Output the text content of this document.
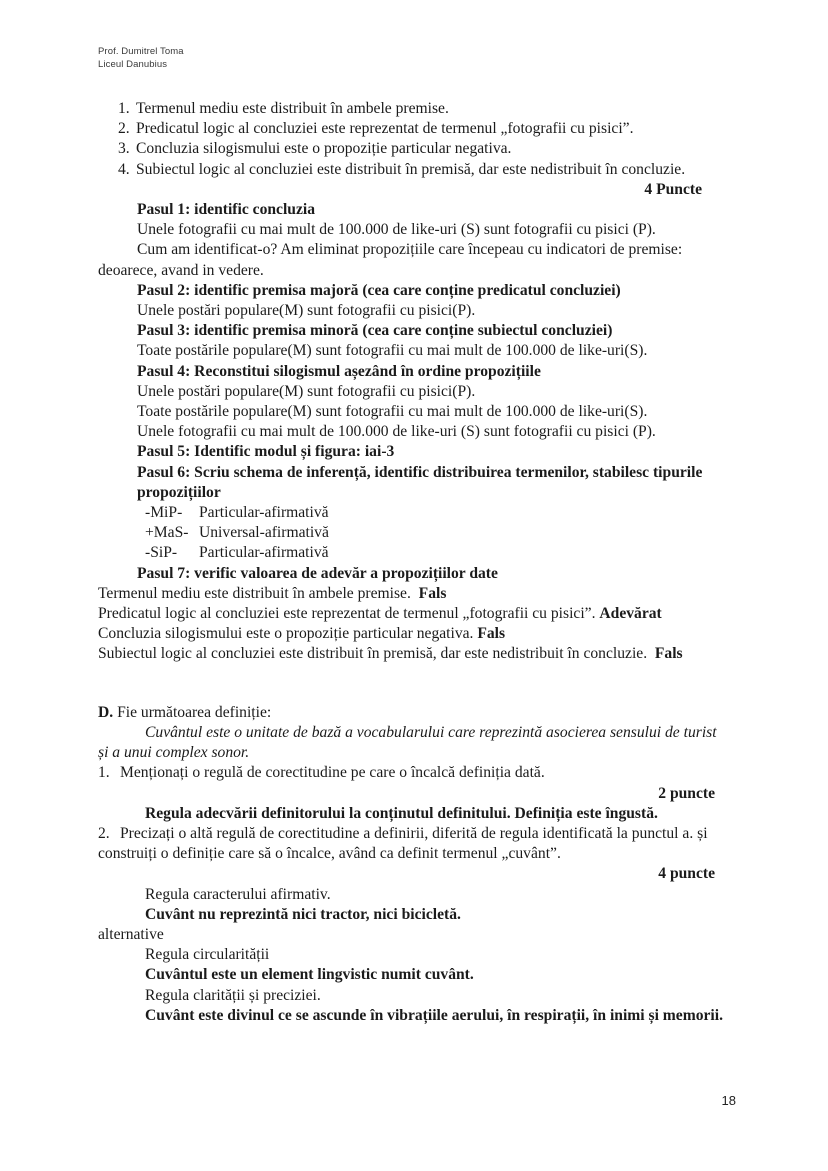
Prof. Dumitrel Toma
Liceul Danubius
1. Termenul mediu este distribuit în ambele premise.
2. Predicatul logic al concluziei este reprezentat de termenul „fotografii cu pisici”.
3. Concluzia silogismului este o propoziție particular negativa.
4. Subiectul logic al concluziei este distribuit în premisă, dar este nedistribuit în concluzie.
4 Puncte
Pasul 1: identific concluzia
Unele fotografii cu mai mult de 100.000 de like-uri (S) sunt fotografii cu pisici (P).
Cum am identificat-o? Am eliminat propozițiile care începeau cu indicatori de premise:
deoarece, avand in vedere.
Pasul 2: identific premisa majoră (cea care conține predicatul concluziei)
Unele postări populare(M) sunt fotografii cu pisici(P).
Pasul 3: identific premisa minoră (cea care conține subiectul concluziei)
Toate postările populare(M) sunt fotografii cu mai mult de 100.000 de like-uri(S).
Pasul 4: Reconstitui silogismul așezând în ordine propozițiile
Unele postări populare(M) sunt fotografii cu pisici(P).
Toate postările populare(M) sunt fotografii cu mai mult de 100.000 de like-uri(S).
Unele fotografii cu mai mult de 100.000 de like-uri (S) sunt fotografii cu pisici (P).
Pasul 5: Identific modul și figura: iai-3
Pasul 6: Scriu schema de inferență, identific distribuirea termenilor, stabilesc tipurile propozițiilor
-MiP- Particular-afirmativă
+MaS- Universal-afirmativă
-SiP- Particular-afirmativă
Pasul 7: verific valoarea de adevăr a propozițiilor date
Termenul mediu este distribuit în ambele premise. Fals
Predicatul logic al concluziei este reprezentat de termenul „fotografii cu pisici”. Adevărat
Concluzia silogismului este o propoziție particular negativa. Fals
Subiectul logic al concluziei este distribuit în premisă, dar este nedistribuit în concluzie. Fals
D. Fie următoarea definiție:
Cuvântul este o unitate de bază a vocabularului care reprezintă asocierea sensului de turist și a unui complex sonor.
1. Menționați o regulă de corectitudine pe care o încalcă definiția dată.
2 puncte
Regula adecvării definitorului la conținutul definitului. Definiția este îngustă.
2. Precizați o altă regulă de corectitudine a definirii, diferită de regula identificată la punctul a. și construiți o definiție care să o încalce, având ca definit termenul „cuvânt”.
4 puncte
Regula caracterului afirmativ.
Cuvânt nu reprezintă nici tractor, nici bicicletă.
alternative
Regula circularității
Cuvântul este un element lingvistic numit cuvânt.
Regula clarității și preciziei.
Cuvânt este divinul ce se ascunde în vibrațiile aerului, în respirații, în inimi și memorii.
18
